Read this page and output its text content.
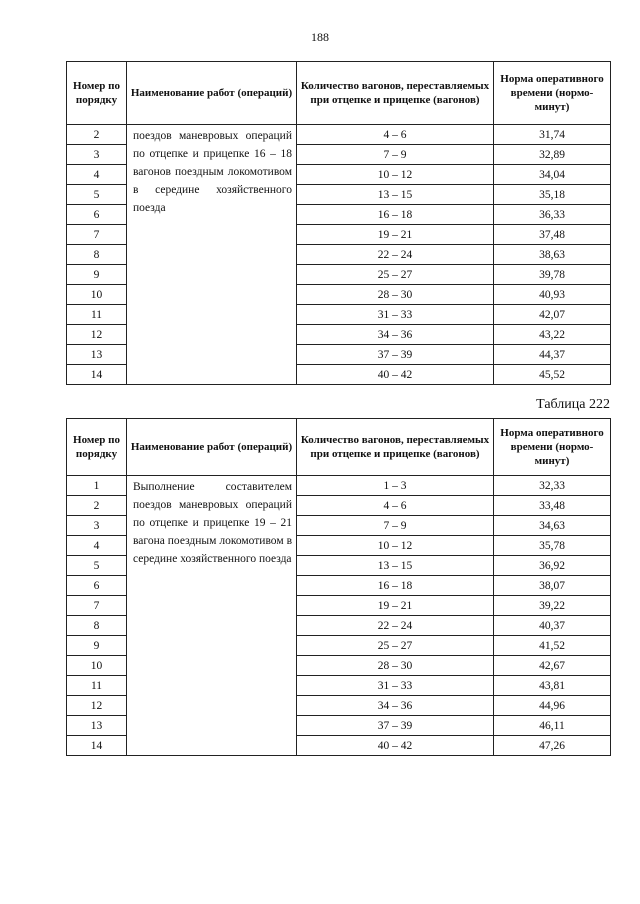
188
Номер по порядку	Наименование работ (операций)	Количество вагонов, переставляемых при отцепке и прицепке (вагонов)	Норма оперативного времени (нормо-минут)
2	поездов маневровых операций по отцепке и прицепке 16 – 18 вагонов поездным локомотивом в середине хозяйственного поезда	4 – 6	31,74
3		7 – 9	32,89
4		10 – 12	34,04
5		13 – 15	35,18
6		16 – 18	36,33
7		19 – 21	37,48
8		22 – 24	38,63
9		25 – 27	39,78
10		28 – 30	40,93
11		31 – 33	42,07
12		34 – 36	43,22
13		37 – 39	44,37
14		40 – 42	45,52
Таблица 222
Номер по порядку	Наименование работ (операций)	Количество вагонов, переставляемых при отцепке и прицепке (вагонов)	Норма оперативного времени (нормо-минут)
1	Выполнение составителем поездов маневровых операций по отцепке и прицепке 19 – 21 вагона поездным локомотивом в середине хозяйственного поезда	1 – 3	32,33
2		4 – 6	33,48
3		7 – 9	34,63
4		10 – 12	35,78
5		13 – 15	36,92
6		16 – 18	38,07
7		19 – 21	39,22
8		22 – 24	40,37
9		25 – 27	41,52
10		28 – 30	42,67
11		31 – 33	43,81
12		34 – 36	44,96
13		37 – 39	46,11
14		40 – 42	47,26
